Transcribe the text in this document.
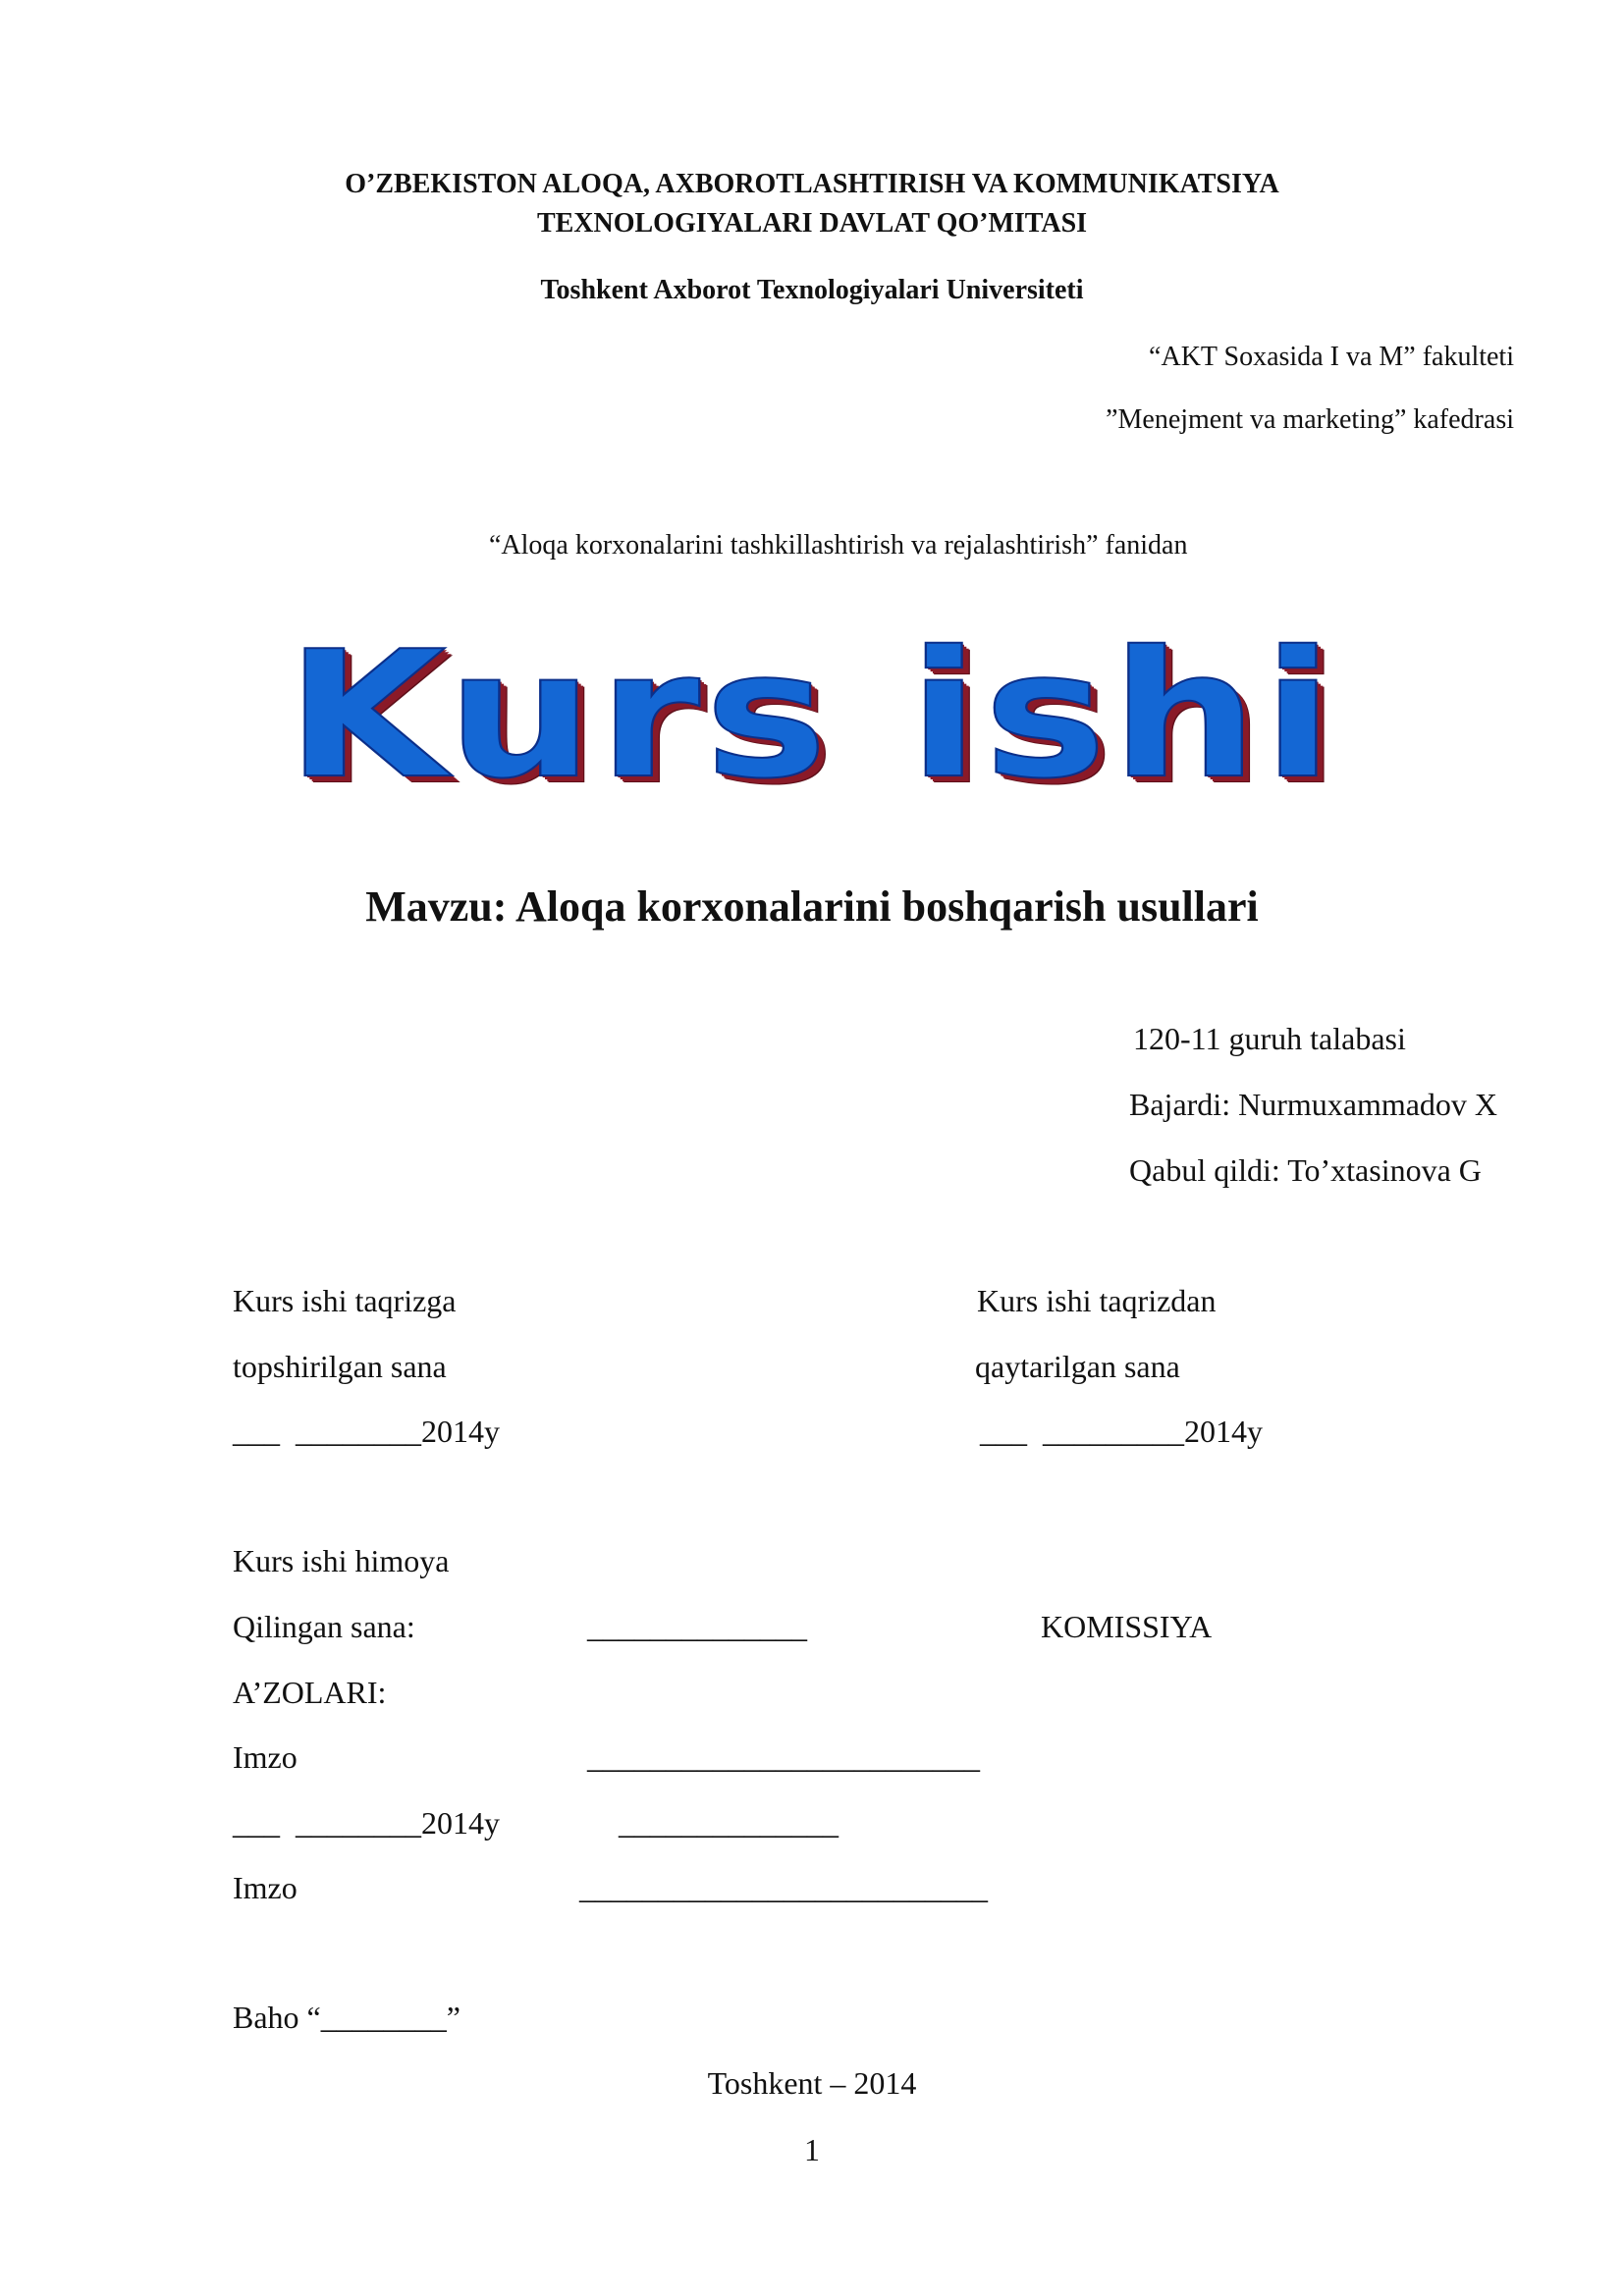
O’ZBEKISTON ALOQA, AXBOROTLASHTIRISH VA KOMMUNIKATSIYA
TEXNOLOGIYALARI DAVLAT QO’MITASI
Toshkent Axborot Texnologiyalari Universiteti
“AKT Soxasida I va M” fakulteti
”Menejment va marketing” kafedrasi
“Aloqa korxonalarini tashkillashtirish va rejalashtirish” fanidan
Kurs ishi
Mavzu: Aloqa korxonalarini boshqarish usullari
120-11 guruh talabasi
Bajardi: Nurmuxammadov X
Qabul qildi: To’xtasinova G
Kurs ishi taqrizga
topshirilgan sana
___  ________2014y
Kurs ishi taqrizdan
qaytarilgan sana
___  _________2014y
Kurs ishi himoya
Qilingan sana:	______________	KOMISSIYA
A’ZOLARI:
Imzo	_________________________
___  ________2014y	______________
Imzo	__________________________
Baho “________”
Toshkent – 2014
1
